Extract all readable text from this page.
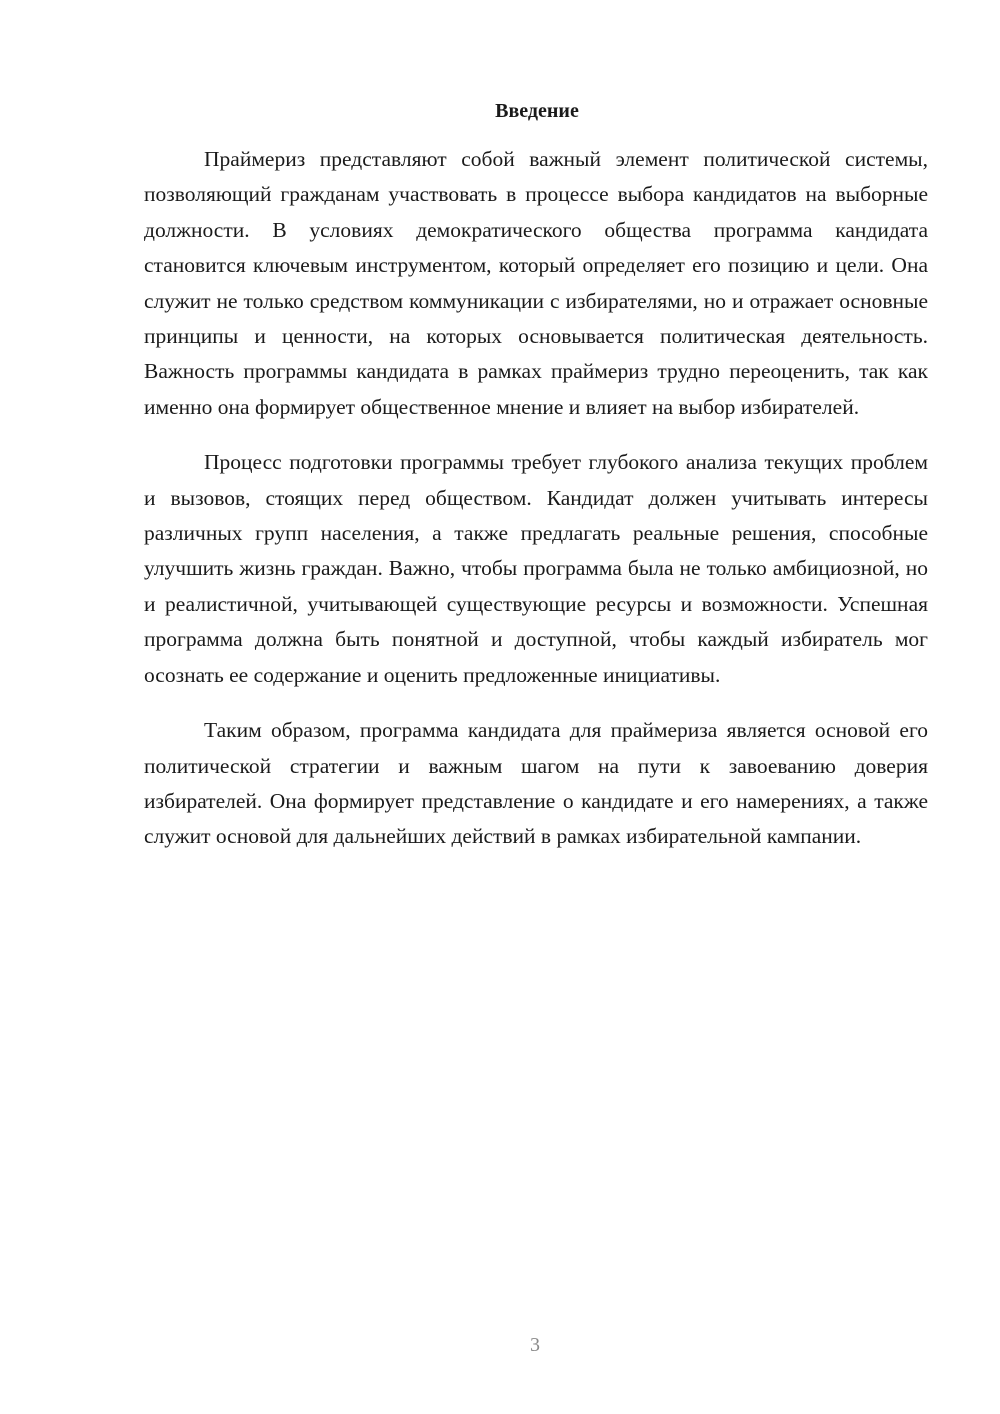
Введение

Праймериз представляют собой важный элемент политической системы, позволяющий гражданам участвовать в процессе выбора кандидатов на выборные должности. В условиях демократического общества программа кандидата становится ключевым инструментом, который определяет его позицию и цели. Она служит не только средством коммуникации с избирателями, но и отражает основные принципы и ценности, на которых основывается политическая деятельность. Важность программы кандидата в рамках праймериз трудно переоценить, так как именно она формирует общественное мнение и влияет на выбор избирателей.

Процесс подготовки программы требует глубокого анализа текущих проблем и вызовов, стоящих перед обществом. Кандидат должен учитывать интересы различных групп населения, а также предлагать реальные решения, способные улучшить жизнь граждан. Важно, чтобы программа была не только амбициозной, но и реалистичной, учитывающей существующие ресурсы и возможности. Успешная программа должна быть понятной и доступной, чтобы каждый избиратель мог осознать ее содержание и оценить предложенные инициативы.

Таким образом, программа кандидата для праймериза является основой его политической стратегии и важным шагом на пути к завоеванию доверия избирателей. Она формирует представление о кандидате и его намерениях, а также служит основой для дальнейших действий в рамках избирательной кампании.

3
